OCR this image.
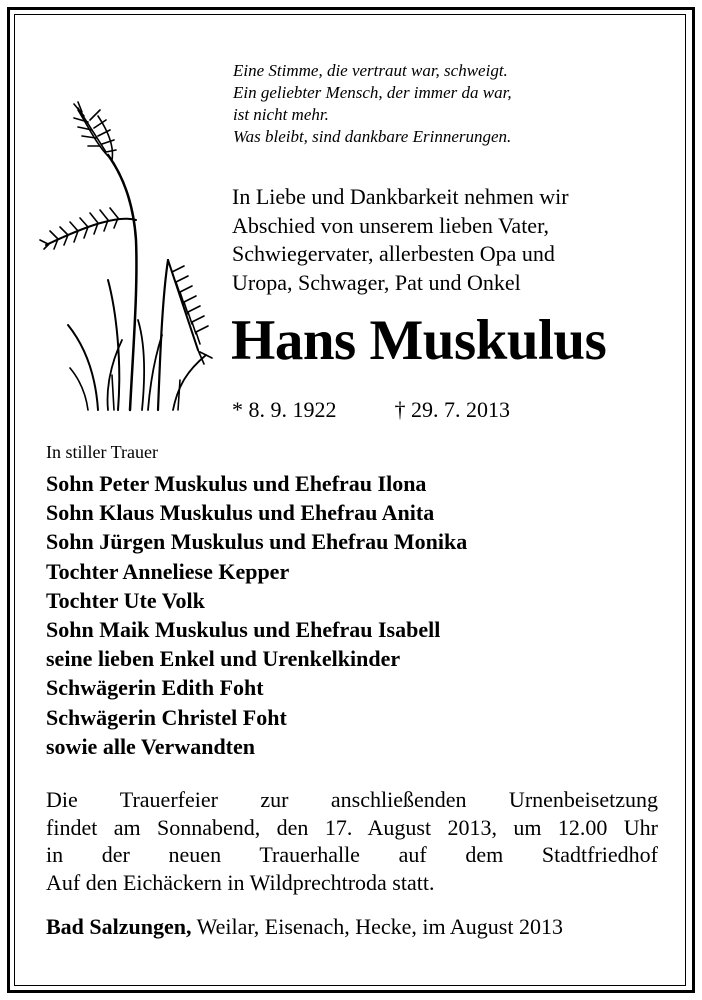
Eine Stimme, die vertraut war, schweigt.
Ein geliebter Mensch, der immer da war,
ist nicht mehr.
Was bleibt, sind dankbare Erinnerungen.
In Liebe und Dankbarkeit nehmen wir
Abschied von unserem lieben Vater,
Schwiegervater, allerbesten Opa und
Uropa, Schwager, Pat und Onkel
Hans Muskulus
* 8. 9. 1922	† 29. 7. 2013
In stiller Trauer
Sohn Peter Muskulus und Ehefrau Ilona
Sohn Klaus Muskulus und Ehefrau Anita
Sohn Jürgen Muskulus und Ehefrau Monika
Tochter Anneliese Kepper
Tochter Ute Volk
Sohn Maik Muskulus und Ehefrau Isabell
seine lieben Enkel und Urenkelkinder
Schwägerin Edith Foht
Schwägerin Christel Foht
sowie alle Verwandten
Die Trauerfeier zur anschließenden Urnenbeisetzung
findet am Sonnabend, den 17. August 2013, um 12.00 Uhr
in der neuen Trauerhalle auf dem Stadtfriedhof
Auf den Eichäckern in Wildprechtroda statt.
Bad Salzungen, Weilar, Eisenach, Hecke, im August 2013
